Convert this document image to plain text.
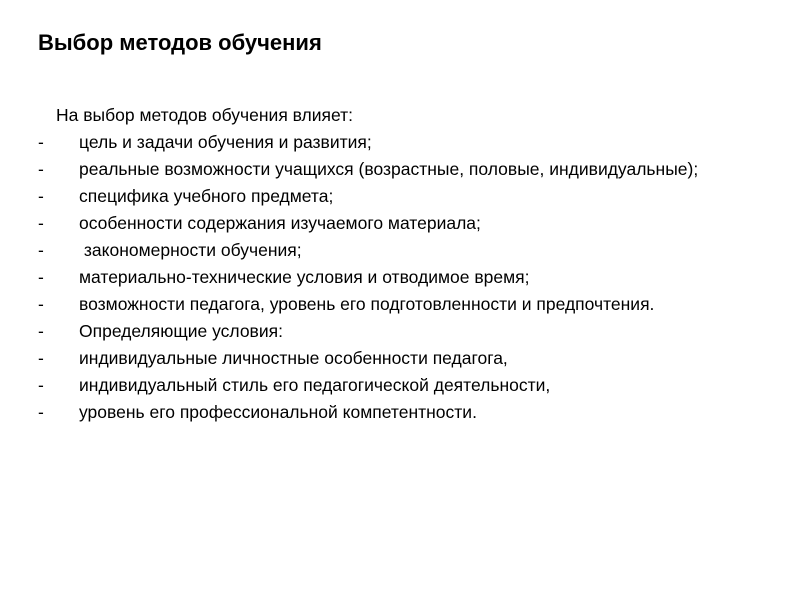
Выбор методов обучения
На выбор методов обучения влияет:
- цель и задачи обучения и развития;
- реальные возможности учащихся (возрастные, половые, индивидуальные);
- специфика учебного предмета;
- особенности содержания изучаемого материала;
- закономерности обучения;
- материально-технические условия и отводимое время;
- возможности педагога, уровень его подготовленности и предпочтения.
- Определяющие условия:
- индивидуальные личностные особенности педагога,
- индивидуальный стиль его педагогической деятельности,
- уровень его профессиональной компетентности.
